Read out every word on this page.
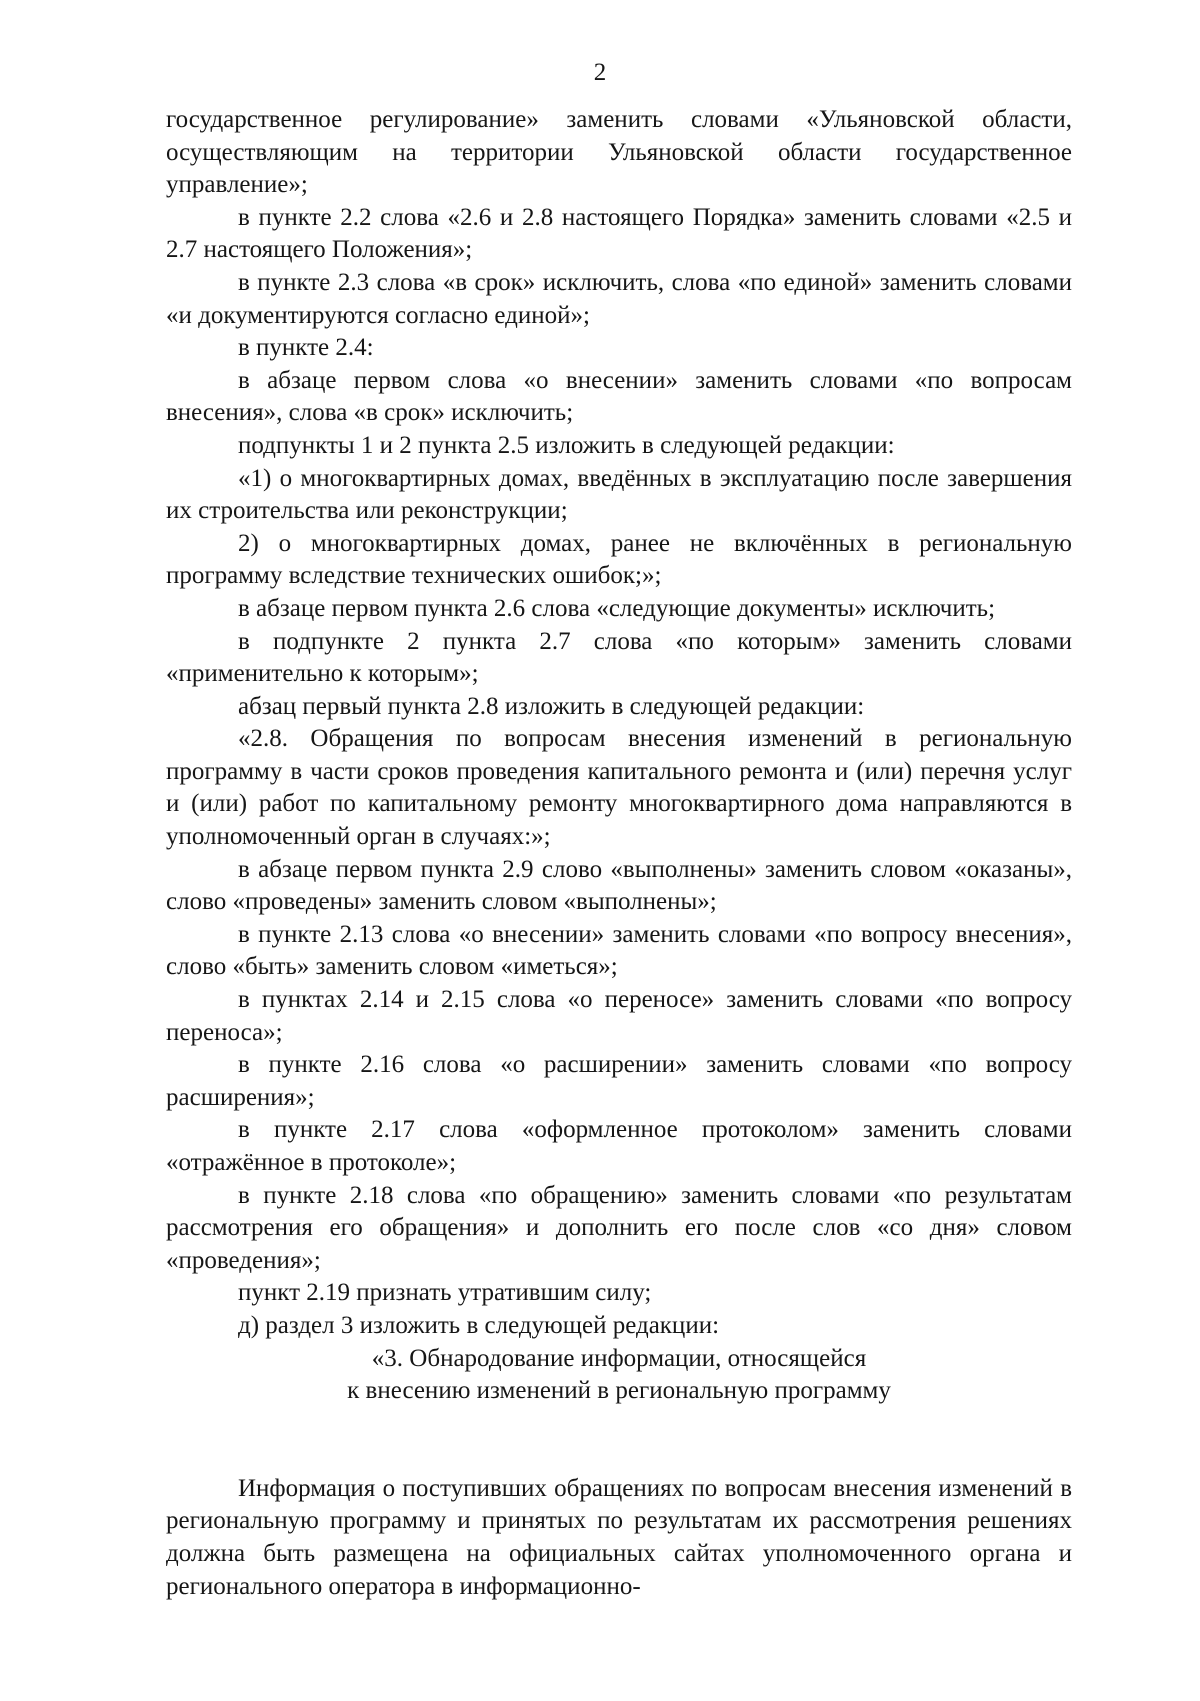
2

государственное регулирование» заменить словами «Ульяновской области, осуществляющим на территории Ульяновской области государственное управление»;

в пункте 2.2 слова «2.6 и 2.8 настоящего Порядка» заменить словами «2.5 и 2.7 настоящего Положения»;

в пункте 2.3 слова «в срок» исключить, слова «по единой» заменить словами «и документируются согласно единой»;

в пункте 2.4:

в абзаце первом слова «о внесении» заменить словами «по вопросам внесения», слова «в срок» исключить;

подпункты 1 и 2 пункта 2.5 изложить в следующей редакции:

«1) о многоквартирных домах, введённых в эксплуатацию после завершения их строительства или реконструкции;

2) о многоквартирных домах, ранее не включённых в региональную программу вследствие технических ошибок;»;

в абзаце первом пункта 2.6 слова «следующие документы» исключить;

в подпункте 2 пункта 2.7 слова «по которым» заменить словами «применительно к которым»;

абзац первый пункта 2.8 изложить в следующей редакции:

«2.8. Обращения по вопросам внесения изменений в региональную программу в части сроков проведения капитального ремонта и (или) перечня услуг и (или) работ по капитальному ремонту многоквартирного дома направляются в уполномоченный орган в случаях:»;

в абзаце первом пункта 2.9 слово «выполнены» заменить словом «оказаны», слово «проведены» заменить словом «выполнены»;

в пункте 2.13 слова «о внесении» заменить словами «по вопросу внесения», слово «быть» заменить словом «иметься»;

в пунктах 2.14 и 2.15 слова «о переносе» заменить словами «по вопросу переноса»;

в пункте 2.16 слова «о расширении» заменить словами «по вопросу расширения»;

в пункте 2.17 слова «оформленное протоколом» заменить словами «отражённое в протоколе»;

в пункте 2.18 слова «по обращению» заменить словами «по результатам рассмотрения его обращения» и дополнить его после слов «со дня» словом «проведения»;

пункт 2.19 признать утратившим силу;

д) раздел 3 изложить в следующей редакции:

«3. Обнародование информации, относящейся

к внесению изменений в региональную программу

Информация о поступивших обращениях по вопросам внесения изменений в региональную программу и принятых по результатам их рассмотрения решениях должна быть размещена на официальных сайтах уполномоченного органа и регионального оператора в информационно-
